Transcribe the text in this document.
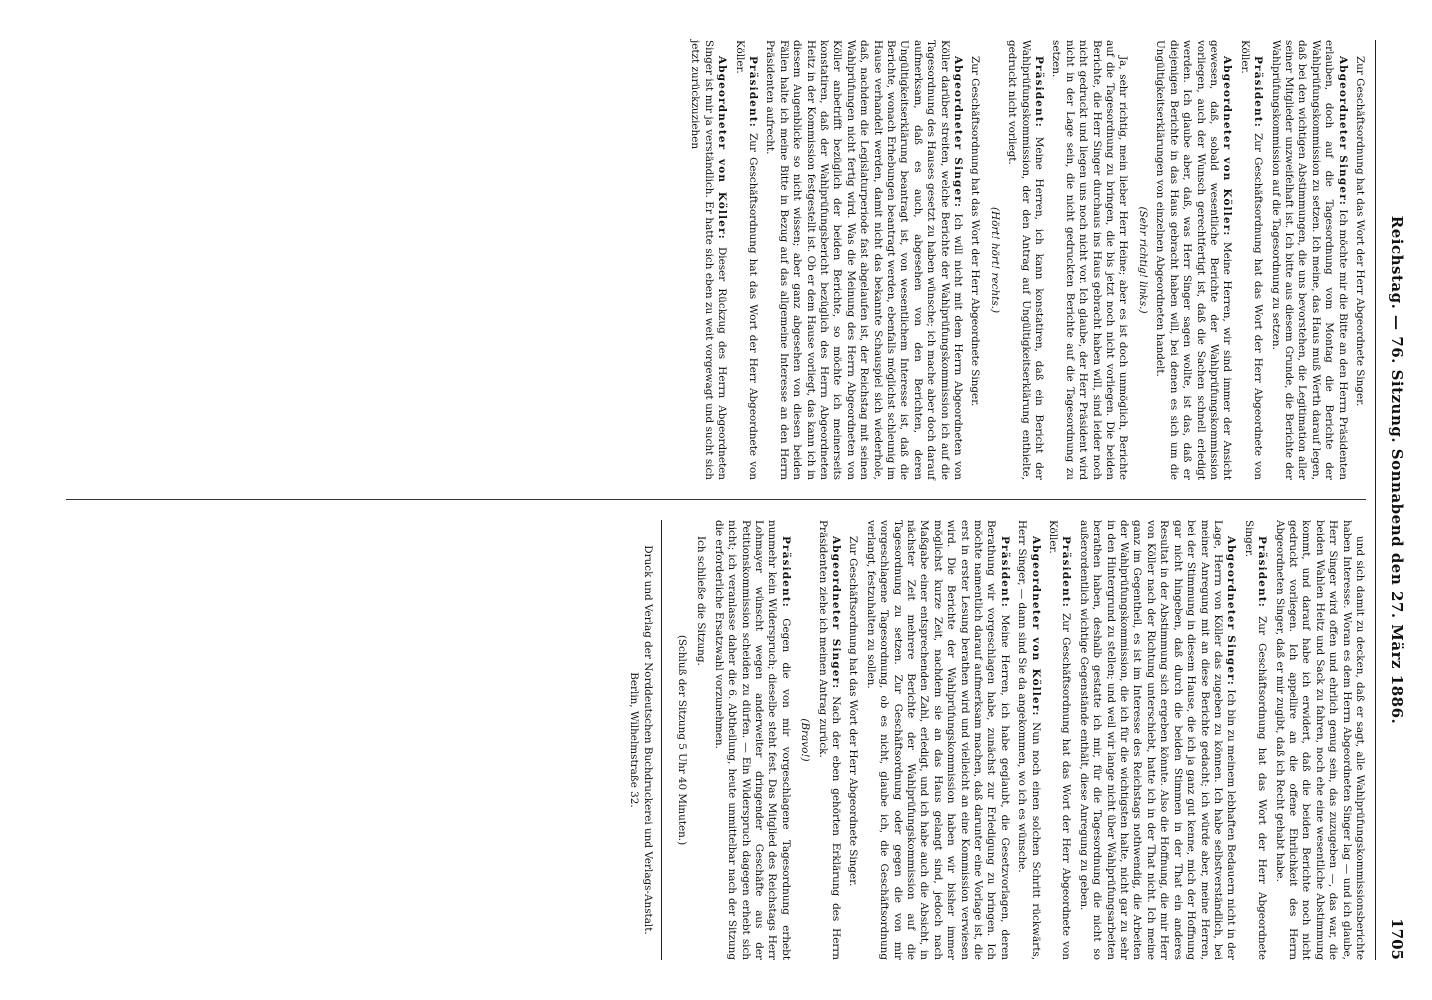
Reichstag. — 76. Sitzung. Sonnabend den 27. März 1886.
1705

Zur Geschäftsordnung hat das Wort der Herr Abgeordnete Singer.

Abgeordneter Singer: Ich möchte mir die Bitte an den Herrn Präsidenten erlauben, doch auf die Tagesordnung vom Montag die Berichte der Wahlprüfungskommission zu setzen. Ich meine, das Haus muß Werth darauf legen, daß bei den wichtigen Abstimmungen, die uns bevorstehen, die Legitimation aller seiner Mitglieder unzweifelhaft ist. Ich bitte aus diesem Grunde, die Berichte der Wahlprüfungskommission auf die Tagesordnung zu setzen.

Präsident: Zur Geschäftsordnung hat das Wort der Herr Abgeordnete von Köller.

Abgeordneter von Köller: Meine Herren, wir sind immer der Ansicht gewesen, daß, sobald wesentliche Berichte der Wahlprüfungskommission vorliegen, auch der Wunsch gerechtfertigt ist, daß die Sachen schnell erledigt werden. Ich glaube aber, daß, was Herr Singer sagen wollte, ist das, daß er diejenigen Berichte in das Haus gebracht haben will, bei denen es sich um die Ungültigkeitserklärungen von einzelnen Abgeordneten handelt.

(Sehr richtig! links.)

Ja, sehr richtig, mein lieber Herr Heine; aber es ist doch unmöglich, Berichte auf die Tagesordnung zu bringen, die bis jetzt noch nicht vorliegen. Die beiden Berichte, die Herr Singer durchaus ins Haus gebracht haben will, sind leider noch nicht gedruckt und liegen uns noch nicht vor. Ich glaube, der Herr Präsident wird nicht in der Lage sein, die nicht gedruckten Berichte auf die Tagesordnung zu setzen.

Präsident: Meine Herren, ich kann konstatiren, daß ein Bericht der Wahlprüfungskommission, der den Antrag auf Ungültigkeitserklärung enthielte, gedruckt nicht vorliegt.

(Hört! hört! rechts.)

Zur Geschäftsordnung hat das Wort der Herr Abgeordnete Singer.

Abgeordneter Singer: Ich will nicht mit dem Herrn Abgeordneten von Köller darüber streiten, welche Berichte der Wahlprüfungskommission ich auf die Tagesordnung des Hauses gesetzt zu haben wünsche; ich mache aber doch darauf aufmerksam, daß es auch, abgesehen von den Berichten, deren Ungültigkeitserklärung beantragt ist, von wesentlichem Interesse ist, daß die Berichte, wonach Erhebungen beantragt werden, ebenfalls möglichst schleunig im Hause verhandelt werden, damit nicht das bekannte Schauspiel sich wiederhole, daß, nachdem die Legislaturperiode fast abgelaufen ist, der Reichstag mit seinen Wahlprüfungen nicht fertig wird. Was die Meinung des Herrn Abgeordneten von Köller anbetrifft bezüglich der beiden Berichte, so möchte ich meinerseits konstatiren, daß der Wahlprüfungsbericht bezüglich des Herrn Abgeordneten Heitz in der Kommission festgestellt ist. Ob er dem Hause vorliegt, das kann ich in diesem Augenblicke so nicht wissen; aber ganz abgesehen von diesen beiden Fällen halte ich meine Bitte in Bezug auf das allgemeine Interesse an den Herrn Präsidenten aufrecht.

Präsident: Zur Geschäftsordnung hat das Wort der Herr Abgeordnete von Köller.

Abgeordneter von Köller: Dieser Rückzug des Herrn Abgeordneten Singer ist mir ja verständlich. Er hatte sich eben zu weit vorgewagt und sucht sich jetzt zurückzuziehen

und sich damit zu decken, daß er sagt, alle Wahlprüfungskommissionsberichte haben Interesse. Woran es dem Herrn Abgeordneten Singer lag — und ich glaube, Herr Singer wird offen und ehrlich genug sein, das zuzugeben —, das war, die beiden Wahlen Heitz und Sack zu fahren, noch ehe eine wesentliche Abstimmung kommt, und darauf habe ich erwidert, daß die beiden Berichte noch nicht gedruckt vorliegen. Ich appellire an die offene Ehrlichkeit des Herrn Abgeordneten Singer, daß er mir zugibt, daß ich Recht gehabt habe.

Präsident: Zur Geschäftsordnung hat das Wort der Herr Abgeordnete Singer.

Abgeordneter Singer: Ich bin zu meinem lebhaften Bedauern nicht in der Lage, Herrn von Köller das zugeben zu können. Ich habe selbstverständlich, bei meiner Anregung mit an diese Berichte gedacht; ich würde aber, meine Herren, bei der Stimmung in diesem Hause, die ich ja ganz gut kenne, mich der Hoffnung gar nicht hingeben, daß durch die beiden Stimmen in der That ein anderes Resultat in der Abstimmung sich ergeben könnte. Also die Hoffnung, die mir Herr von Köller nach der Richtung unterschiebt, hatte ich in der That nicht. Ich meine ganz im Gegentheil, es ist im Interesse des Reichstags nothwendig, die Arbeiten der Wahlprüfungskommission, die ich für die wichtigsten halte, nicht gar zu sehr in den Hintergrund zu stellen; und weil wir lange nicht über Wahlprüfungsarbeiten berathen haben, deshalb gestatte ich mir, für die Tagesordnung die nicht so außerordentlich wichtige Gegenstände enthält, diese Anregung zu geben.

Präsident: Zur Geschäftsordnung hat das Wort der Herr Abgeordnete von Köller.

Abgeordneter von Köller: Nun noch einen solchen Schritt rückwärts, Herr Singer, — dann sind Sie da angekommen, wo ich es wünsche.

Präsident: Meine Herren, ich habe geglaubt, die Gesetzvorlagen, deren Berathung wir vorgeschlagen habe, zunächst zur Erledigung zu bringen. Ich möchte namentlich darauf aufmerksam machen, daß darunter eine Vorlage ist, die erst in erster Lesung berathen wird und vielleicht an eine Kommission verwiesen wird. Die Berichte der Wahlprüfungskommission haben wir bisher immer möglichst kurze Zeit, nachdem sie an das Haus gelangt sind, jedoch nach Maßgabe einer entsprechenden Zahl, erledigt, und ich habe auch die Absicht, in nächster Zeit mehrere Berichte der Wahlprüfungskommission auf die Tagesordnung zu setzen. Zur Geschäftsordnung oder gegen die von mir vorgeschlagene Tagesordnung, ob es nicht, glaube ich, die Geschäftsordnung verlangt, festzuhalten zu sollen.

Zur Geschäftsordnung hat das Wort der Herr Abgeordnete Singer.

Abgeordneter Singer: Nach der eben gehörten Erklärung des Herrn Präsidenten ziehe ich meinen Antrag zurück.

(Bravo!)

Präsident: Gegen die von mir vorgeschlagene Tagesordnung erhebt nunmehr kein Widerspruch; dieselbe steht fest. Das Mitglied des Reichstags Herr Lohmayer wünscht wegen anderweiter dringender Geschäfte aus der Petitionskommission scheiden zu dürfen. — Ein Widerspruch dagegen erhebt sich nicht; ich veranlasse daher die 6. Abtheilung, heute unmittelbar nach der Sitzung die erforderliche Ersatzwahl vorzunehmen.

Ich schließe die Sitzung.

(Schluß der Sitzung 5 Uhr 40 Minuten.)
Druck und Verlag der Norddeutschen Buchdruckerei und Verlags-Anstalt.
Berlin, Wilhelmstraße 32.
